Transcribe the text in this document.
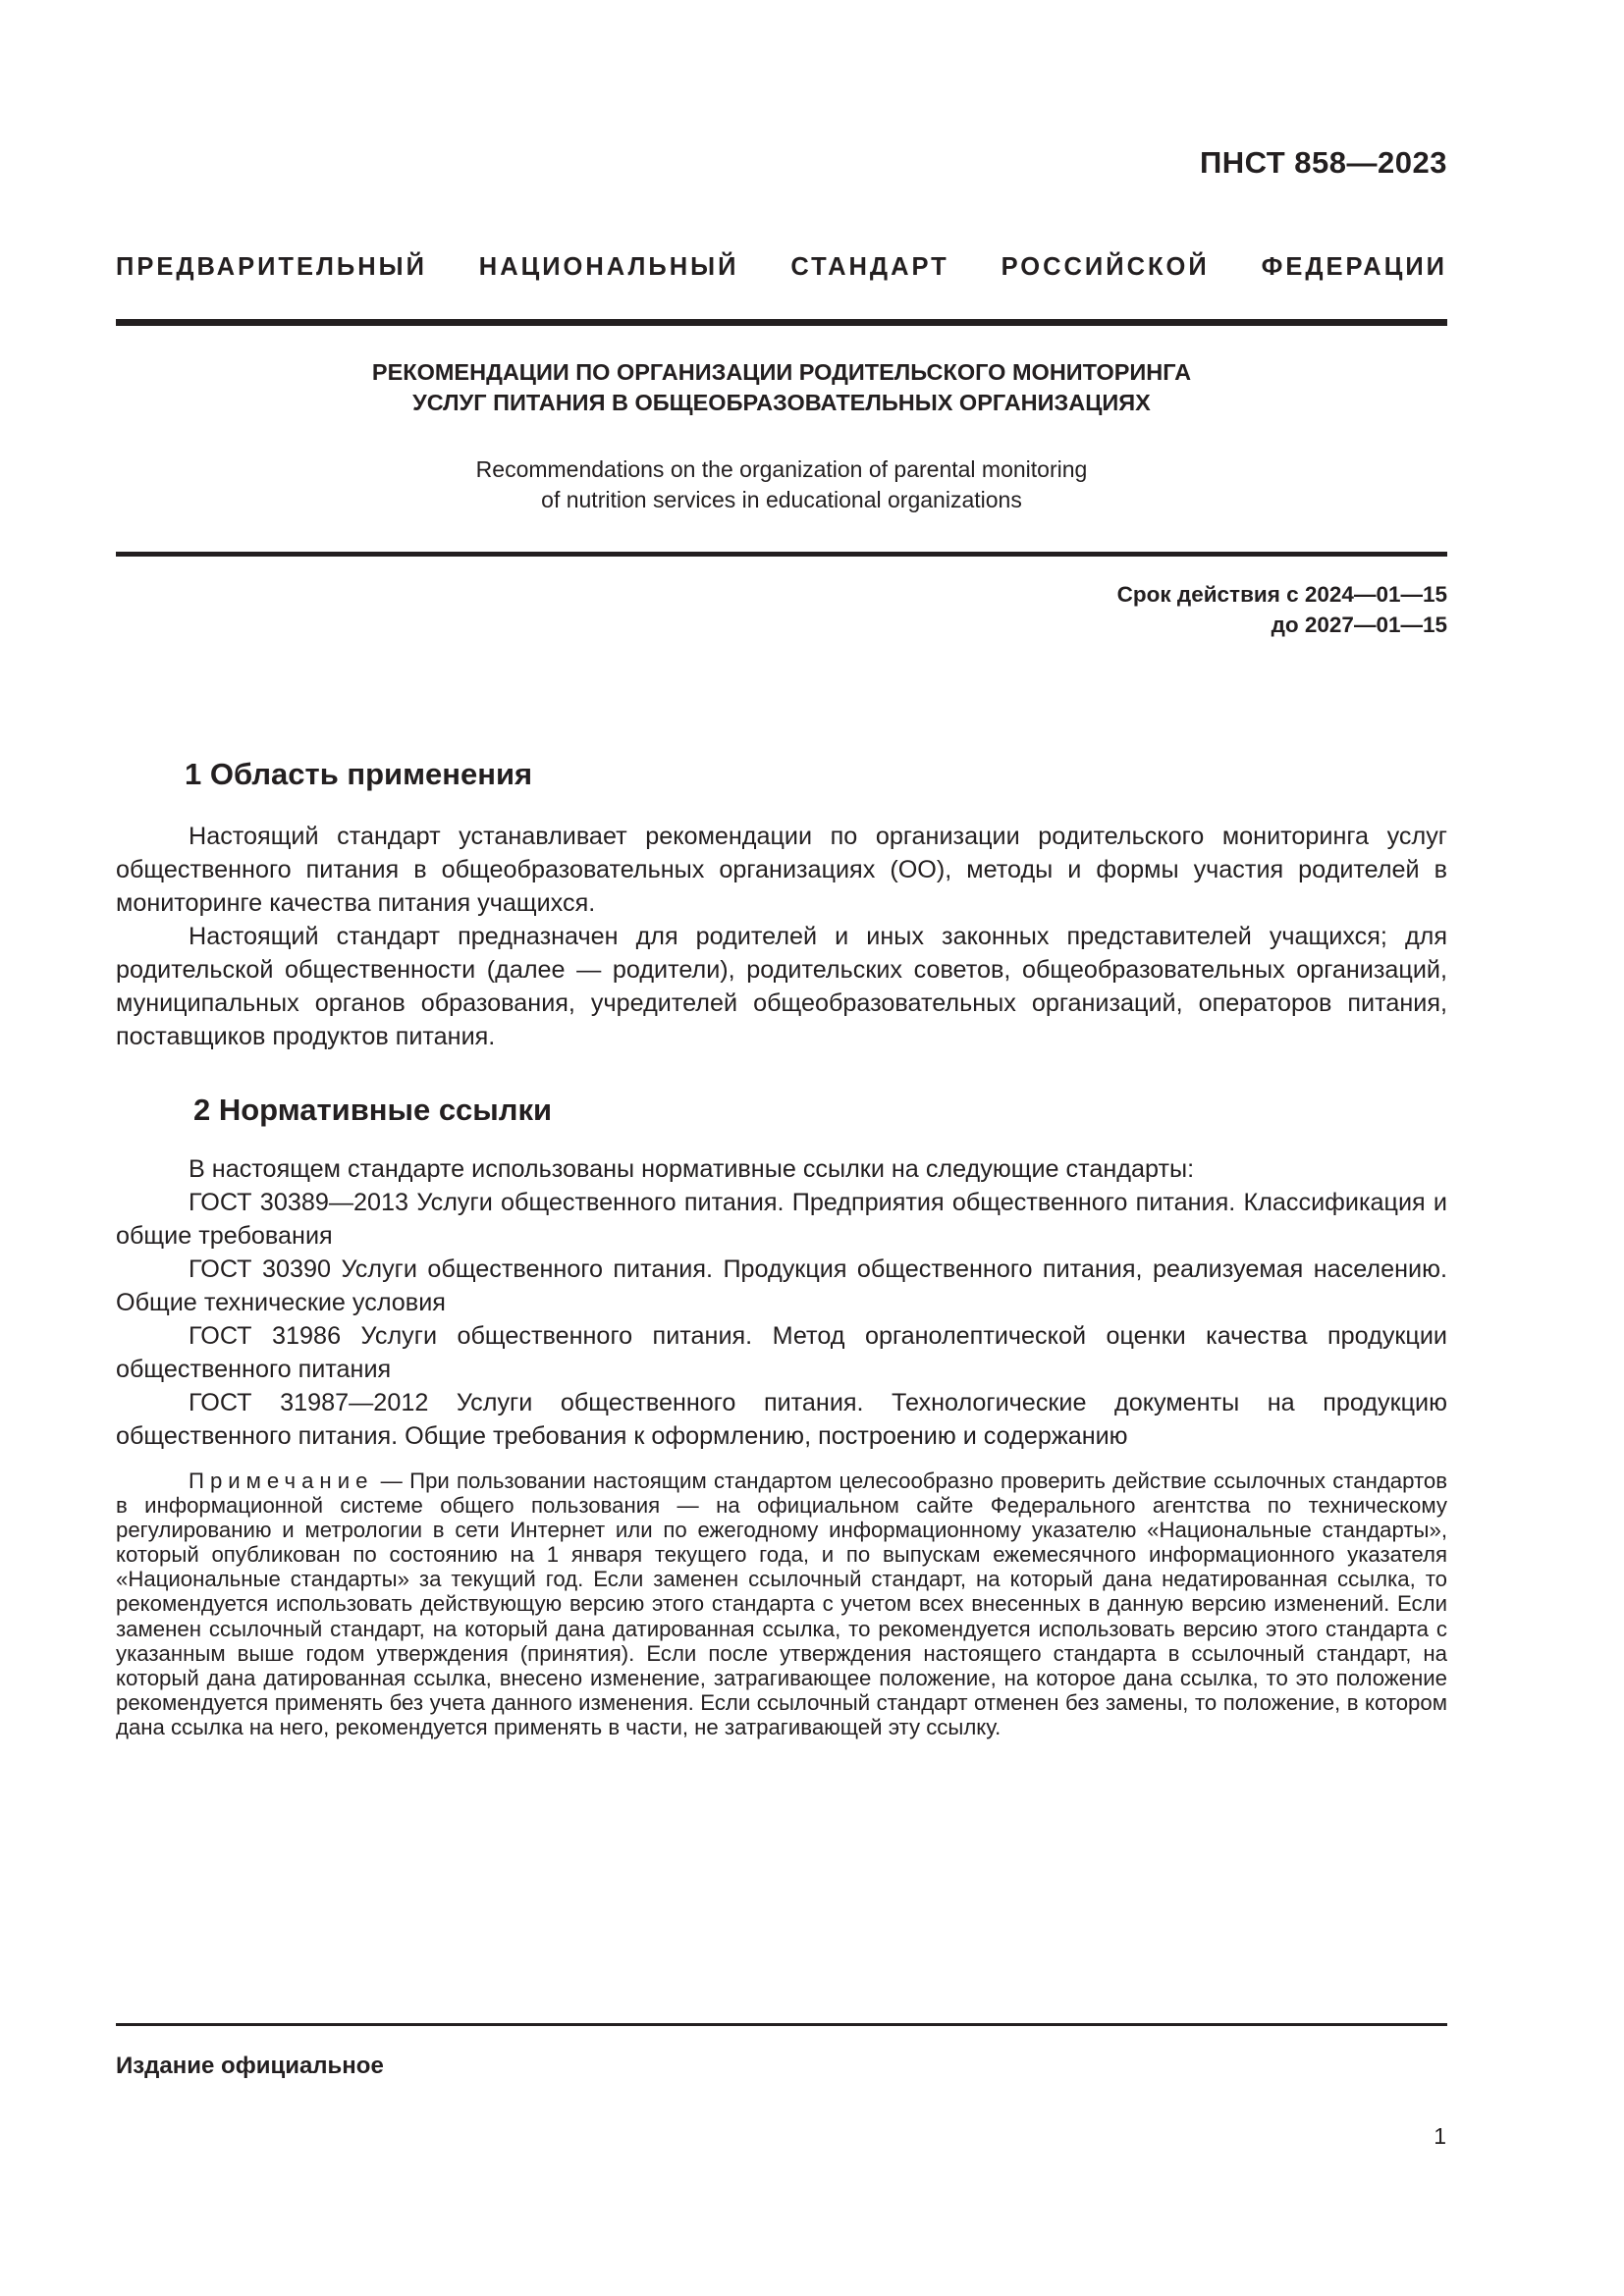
ПНСТ 858—2023
ПРЕДВАРИТЕЛЬНЫЙ НАЦИОНАЛЬНЫЙ СТАНДАРТ РОССИЙСКОЙ ФЕДЕРАЦИИ
РЕКОМЕНДАЦИИ ПО ОРГАНИЗАЦИИ РОДИТЕЛЬСКОГО МОНИТОРИНГА
УСЛУГ ПИТАНИЯ В ОБЩЕОБРАЗОВАТЕЛЬНЫХ ОРГАНИЗАЦИЯХ
Recommendations on the organization of parental monitoring
of nutrition services in educational organizations
Срок действия с 2024—01—15
до 2027—01—15
1 Область применения

Настоящий стандарт устанавливает рекомендации по организации родительского мониторинга услуг общественного питания в общеобразовательных организациях (ОО), методы и формы участия родителей в мониторинге качества питания учащихся.

Настоящий стандарт предназначен для родителей и иных законных представителей учащихся; для родительской общественности (далее — родители), родительских советов, общеобразовательных организаций, муниципальных органов образования, учредителей общеобразовательных организаций, операторов питания, поставщиков продуктов питания.

2 Нормативные ссылки

В настоящем стандарте использованы нормативные ссылки на следующие стандарты:

ГОСТ 30389—2013 Услуги общественного питания. Предприятия общественного питания. Классификация и общие требования

ГОСТ 30390 Услуги общественного питания. Продукция общественного питания, реализуемая населению. Общие технические условия

ГОСТ 31986 Услуги общественного питания. Метод органолептической оценки качества продукции общественного питания

ГОСТ 31987—2012 Услуги общественного питания. Технологические документы на продукцию общественного питания. Общие требования к оформлению, построению и содержанию

Примечание — При пользовании настоящим стандартом целесообразно проверить действие ссылочных стандартов в информационной системе общего пользования — на официальном сайте Федерального агентства по техническому регулированию и метрологии в сети Интернет или по ежегодному информационному указателю «Национальные стандарты», который опубликован по состоянию на 1 января текущего года, и по выпускам ежемесячного информационного указателя «Национальные стандарты» за текущий год. Если заменен ссылочный стандарт, на который дана недатированная ссылка, то рекомендуется использовать действующую версию этого стандарта с учетом всех внесенных в данную версию изменений. Если заменен ссылочный стандарт, на который дана датированная ссылка, то рекомендуется использовать версию этого стандарта с указанным выше годом утверждения (принятия). Если после утверждения настоящего стандарта в ссылочный стандарт, на который дана датированная ссылка, внесено изменение, затрагивающее положение, на которое дана ссылка, то это положение рекомендуется применять без учета данного изменения. Если ссылочный стандарт отменен без замены, то положение, в котором дана ссылка на него, рекомендуется применять в части, не затрагивающей эту ссылку.

Издание официальное
1
